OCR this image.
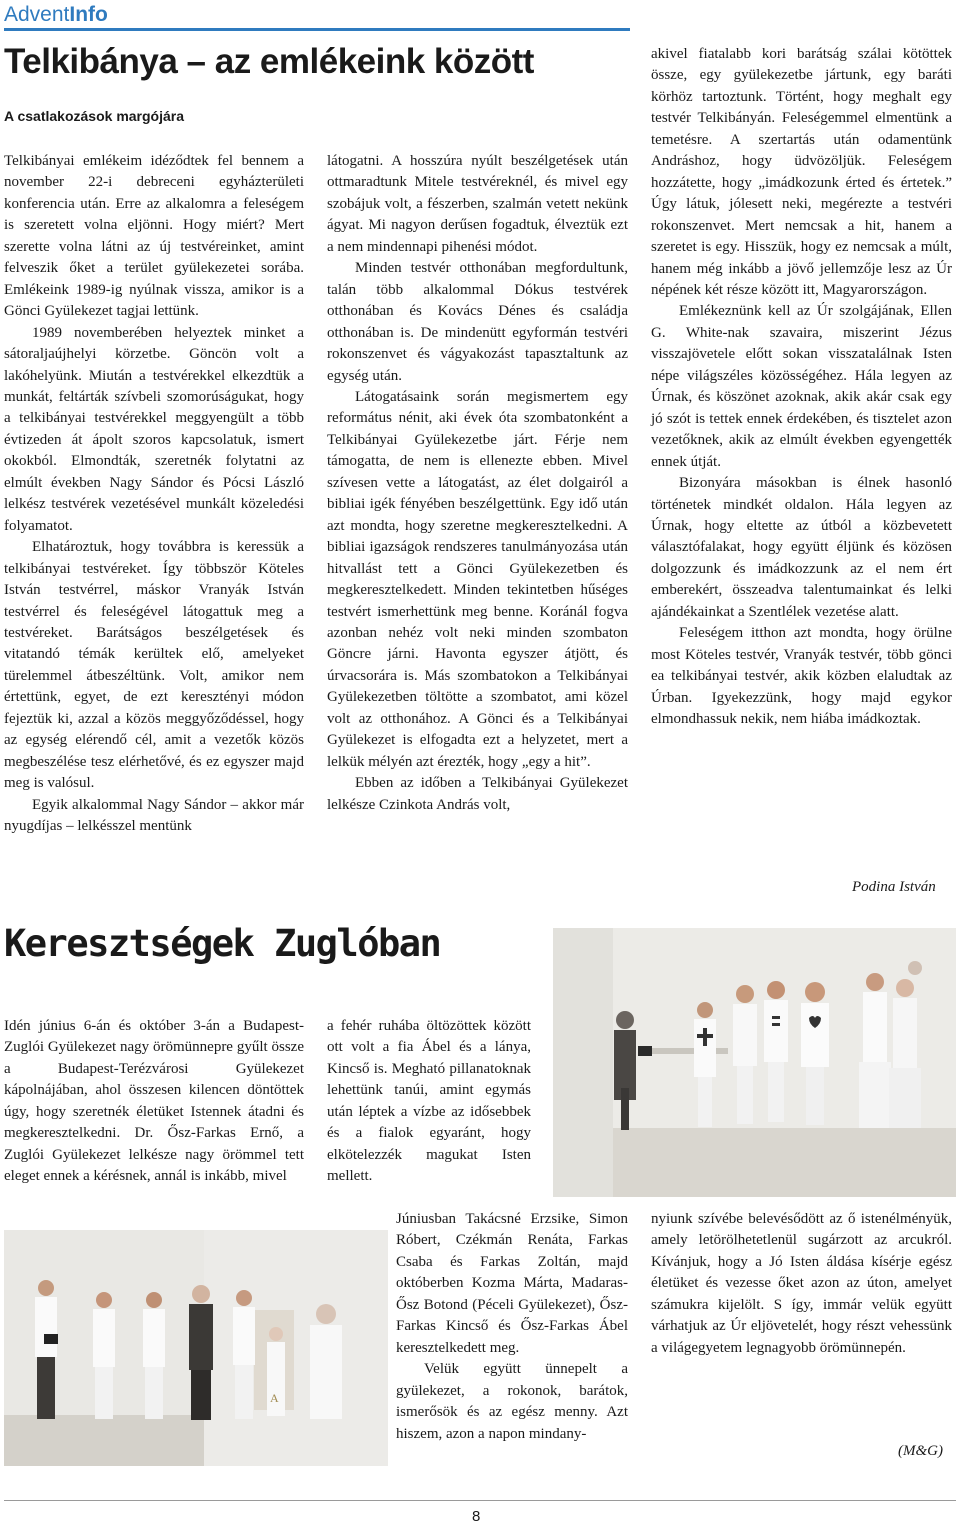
AdventInfo
Telkibánya – az emlékeink között
A csatlakozások margójára

Telkibányai emlékeim idéződtek fel bennem a november 22-i debreceni egyházterületi konferencia után. Erre az alkalomra a feleségem is szeretett volna eljönni. Hogy miért? Mert szerette volna látni az új testvéreinket, amint felveszik őket a terület gyülekezetei sorába. Emlékeink 1989-ig nyúlnak vissza, amikor is a Gönci Gyülekezet tagjai lettünk.

1989 novemberében helyeztek minket a sátoraljaújhelyi körzetbe. Göncön volt a lakóhelyünk. Miután a testvérekkel elkezdtük a munkát, feltárták szívbeli szomorúságukat, hogy a telkibányai testvérekkel meggyengült a több évtizeden át ápolt szoros kapcsolatuk, ismert okokból. Elmondták, szeretnék folytatni az elmúlt években Nagy Sándor és Pócsi László lelkész testvérek vezetésével munkált közeledési folyamatot.

Elhatároztuk, hogy továbbra is keressük a telkibányai testvéreket. Így többször Köteles István testvérrel, máskor Vranyák István testvérrel és feleségével látogattuk meg a testvéreket. Barátságos beszélgetések és vitatandó témák kerültek elő, amelyeket türelemmel átbeszéltünk. Volt, amikor nem értettünk, egyet, de ezt keresztényi módon fejeztük ki, azzal a közös meggyőződéssel, hogy az egység elérendő cél, amit a vezetők közös megbeszélése tesz elérhetővé, és ez egyszer majd meg is valósul.

Egyik alkalommal Nagy Sándor – akkor már nyugdíjas – lelkésszel mentünk

látogatni. A hosszúra nyúlt beszélgetések után ottmaradtunk Mitele testvéreknél, és mivel egy szobájuk volt, a fészerben, szalmán vetett nekünk ágyat. Mi nagyon derűsen fogadtuk, élveztük ezt a nem mindennapi pihenési módot.

Minden testvér otthonában megfordultunk, talán több alkalommal Dókus testvérek otthonában és Kovács Dénes és családja otthonában is. De mindenütt egyformán testvéri rokonszenvet és vágyakozást tapasztaltunk az egység után.

Látogatásaink során megismertem egy református nénit, aki évek óta szombatonként a Telkibányai Gyülekezetbe járt. Férje nem támogatta, de nem is ellenezte ebben. Mivel szívesen vette a látogatást, az élet dolgairól a bibliai igék fényében beszélgettünk. Egy idő után azt mondta, hogy szeretne megkeresztelkedni. A bibliai igazságok rendszeres tanulmányozása után hitvallást tett a Gönci Gyülekezetben és megkeresztelkedett. Minden tekintetben hűséges testvért ismerhettünk meg benne. Koránál fogva azonban nehéz volt neki minden szombaton Göncre járni. Havonta egyszer átjött, és úrvacsorára is. Más szombatokon a Telkibányai Gyülekezetben töltötte a szombatot, ami közel volt az otthonához. A Gönci és a Telkibányai Gyülekezet is elfogadta ezt a helyzetet, mert a lelkük mélyén azt érezték, hogy „egy a hit”.

Ebben az időben a Telkibányai Gyülekezet lelkésze Czinkota András volt,

akivel fiatalabb kori barátság szálai kötöttek össze, egy gyülekezetbe jártunk, egy baráti körhöz tartoztunk. Történt, hogy meghalt egy testvér Telkibányán. Feleségemmel elmentünk a temetésre. A szertartás után odamentünk Andráshoz, hogy üdvözöljük. Feleségem hozzátette, hogy „imádkozunk érted és értetek.” Úgy látuk, jólesett neki, megérezte a testvéri rokonszenvet. Mert nemcsak a hit, hanem a szeretet is egy. Hisszük, hogy ez nemcsak a múlt, hanem még inkább a jövő jellemzője lesz az Úr népének két része között itt, Magyarországon.

Emlékeznünk kell az Úr szolgájának, Ellen G. White-nak szavaira, miszerint Jézus visszajövetele előtt sokan visszatalálnak Isten népe világszéles közösségéhez. Hála legyen az Úrnak, és köszönet azoknak, akik akár csak egy jó szót is tettek ennek érdekében, és tisztelet azon vezetőknek, akik az elmúlt években egyengették ennek útját.

Bizonyára másokban is élnek hasonló történetek mindkét oldalon. Hála legyen az Úrnak, hogy eltette az útból a közbevetett választófalakat, hogy együtt éljünk és közösen dolgozzunk és imádkozzunk az el nem ért emberekért, összeadva talentumainkat és lelki ajándékainkat a Szentlélek vezetése alatt.

Feleségem itthon azt mondta, hogy örülne most Köteles testvér, Vranyák testvér, több gönci ea telkibányai testvér, akik közben elaludtak az Úrban. Igyekezzünk, hogy majd egykor elmondhassuk nekik, nem hiába imádkoztak.

Podina István
Keresztségek Zuglóban

Idén június 6-án és október 3-án a Budapest-Zuglói Gyülekezet nagy örömünnepre gyűlt össze a Budapest-Terézvárosi Gyülekezet kápolnájában, ahol összesen kilencen döntöttek úgy, hogy szeretnék életüket Istennek átadni és megkeresztelkedni. Dr. Ősz-Farkas Ernő, a Zuglói Gyülekezet lelkésze nagy örömmel tett eleget ennek a kérésnek, annál is inkább, mivel

a fehér ruhába öltözöttek között ott volt a fia Ábel és a lánya, Kincső is. Megható pillanatoknak lehettünk tanúi, amint egymás után léptek a vízbe az idősebbek és a fialok egyaránt, hogy elkötelezzék magukat Isten mellett.

A

Júniusban Takácsné Erzsike, Simon Róbert, Czékmán Renáta, Farkas Csaba és Farkas Zoltán, majd októberben Kozma Márta, Madaras-Ősz Botond (Péceli Gyülekezet), Ősz-Farkas Kincső és Ősz-Farkas Ábel keresztelkedett meg.

Velük együtt ünnepelt a gyülekezet, a rokonok, barátok, ismerősök és az egész menny. Azt hiszem, azon a napon mindany-

nyiunk szívébe belevésődött az ő istenélményük, amely letörölhetetlenül sugárzott az arcukról. Kívánjuk, hogy a Jó Isten áldása kísérje egész életüket és vezesse őket azon az úton, amelyet számukra kijelölt. S így, immár velük együtt várhatjuk az Úr eljövetelét, hogy részt vehessünk a világegyetem legnagyobb örömünnepén.

(M&G)
8
